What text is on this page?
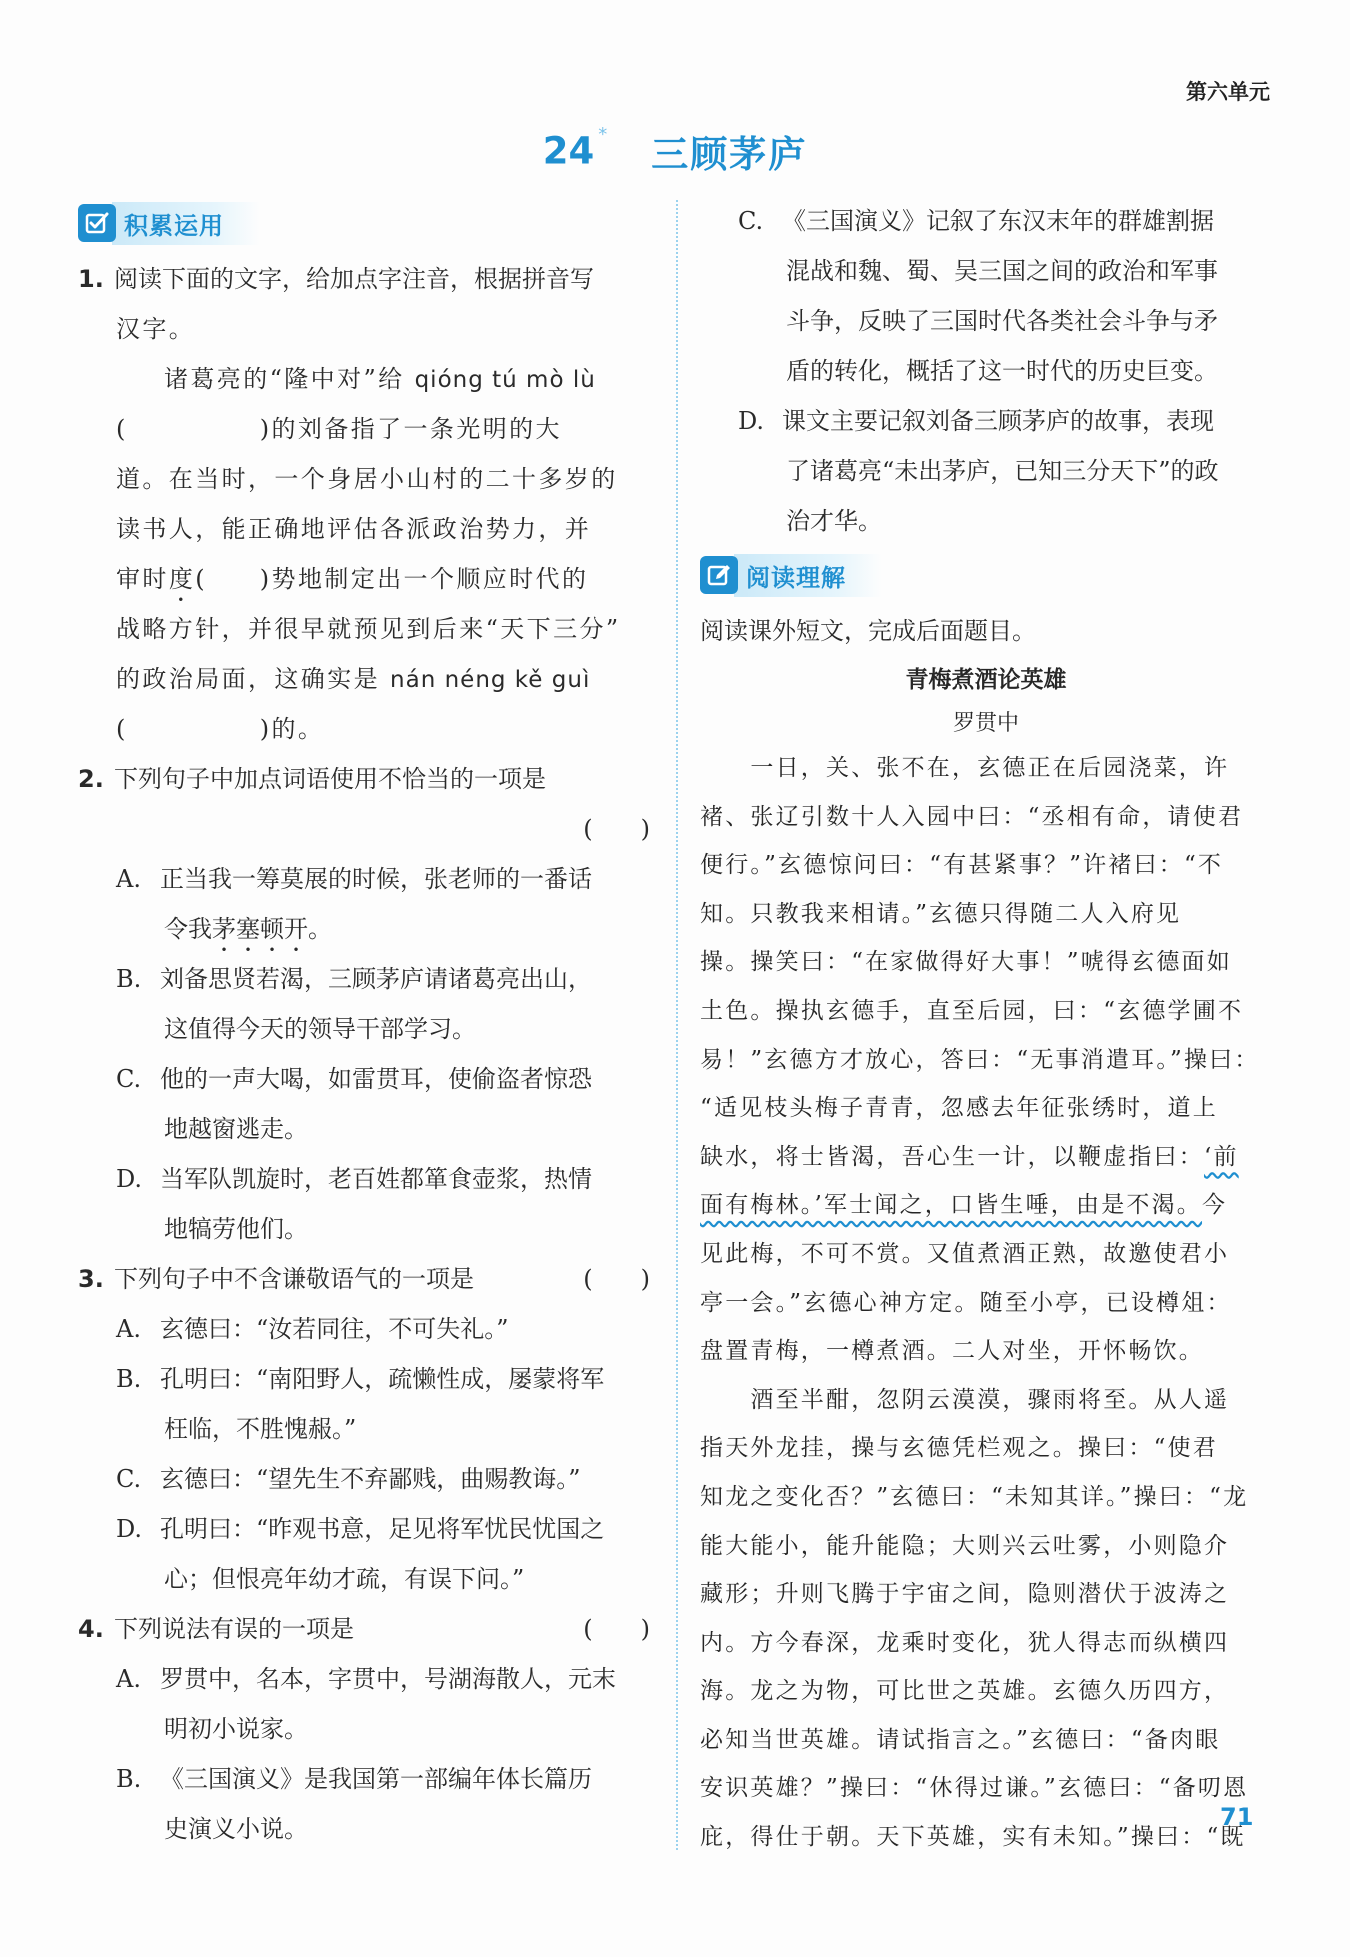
第六单元
24 * 三顾茅庐
积累运用
1. 阅读下面的文字，给加点字注音，根据拼音写
汉字。
诸葛亮的“隆中对”给 qióng tú mò lù
(　　　　　)的刘备指了一条光明的大
道。在当时，一个身居小山村的二十多岁的
读书人，能正确地评估各派政治势力，并
审时度(　　)势地制定出一个顺应时代的
战略方针，并很早就预见到后来“天下三分”
的政治局面，这确实是 nán néng kě guì
(　　　　　)的。
2. 下列句子中加点词语使用不恰当的一项是
(　　)
A. 正当我一筹莫展的时候，张老师的一番话
令我茅塞顿开。
B. 刘备思贤若渴，三顾茅庐请诸葛亮出山，
这值得今天的领导干部学习。
C. 他的一声大喝，如雷贯耳，使偷盗者惊恐
地越窗逃走。
D. 当军队凯旋时，老百姓都箪食壶浆，热情
地犒劳他们。
3. 下列句子中不含谦敬语气的一项是	(　　)
A. 玄德曰：“汝若同往，不可失礼。”
B. 孔明曰：“南阳野人，疏懒性成，屡蒙将军
枉临，不胜愧赧。”
C. 玄德曰：“望先生不弃鄙贱，曲赐教诲。”
D. 孔明曰：“昨观书意，足见将军忧民忧国之
心；但恨亮年幼才疏，有误下问。”
4. 下列说法有误的一项是	(　　)
A. 罗贯中，名本，字贯中，号湖海散人，元末
明初小说家。
B. 《三国演义》是我国第一部编年体长篇历
史演义小说。
C. 《三国演义》记叙了东汉末年的群雄割据
混战和魏、蜀、吴三国之间的政治和军事
斗争，反映了三国时代各类社会斗争与矛
盾的转化，概括了这一时代的历史巨变。
D. 课文主要记叙刘备三顾茅庐的故事，表现
了诸葛亮“未出茅庐，已知三分天下”的政
治才华。
阅读理解
阅读课外短文，完成后面题目。
青梅煮酒论英雄
罗贯中
　　一日，关、张不在，玄德正在后园浇菜，许
褚、张辽引数十人入园中曰：“丞相有命，请使君
便行。”玄德惊问曰：“有甚紧事？”许褚曰：“不
知。只教我来相请。”玄德只得随二人入府见
操。操笑曰：“在家做得好大事！”唬得玄德面如
土色。操执玄德手，直至后园，曰：“玄德学圃不
易！”玄德方才放心，答曰：“无事消遣耳。”操曰：
“适见枝头梅子青青，忽感去年征张绣时，道上
缺水，将士皆渴，吾心生一计，以鞭虚指曰：‘前
面有梅林。’军士闻之，口皆生唾，由是不渴。今
见此梅，不可不赏。又值煮酒正熟，故邀使君小
亭一会。”玄德心神方定。随至小亭，已设樽俎：
盘置青梅，一樽煮酒。二人对坐，开怀畅饮。
　　酒至半酣，忽阴云漠漠，骤雨将至。从人遥
指天外龙挂，操与玄德凭栏观之。操曰：“使君
知龙之变化否？”玄德曰：“未知其详。”操曰：“龙
能大能小，能升能隐；大则兴云吐雾，小则隐介
藏形；升则飞腾于宇宙之间，隐则潜伏于波涛之
内。方今春深，龙乘时变化，犹人得志而纵横四
海。龙之为物，可比世之英雄。玄德久历四方，
必知当世英雄。请试指言之。”玄德曰：“备肉眼
安识英雄？”操曰：“休得过谦。”玄德曰：“备叨恩
庇，得仕于朝。天下英雄，实有未知。”操曰：“既
71
